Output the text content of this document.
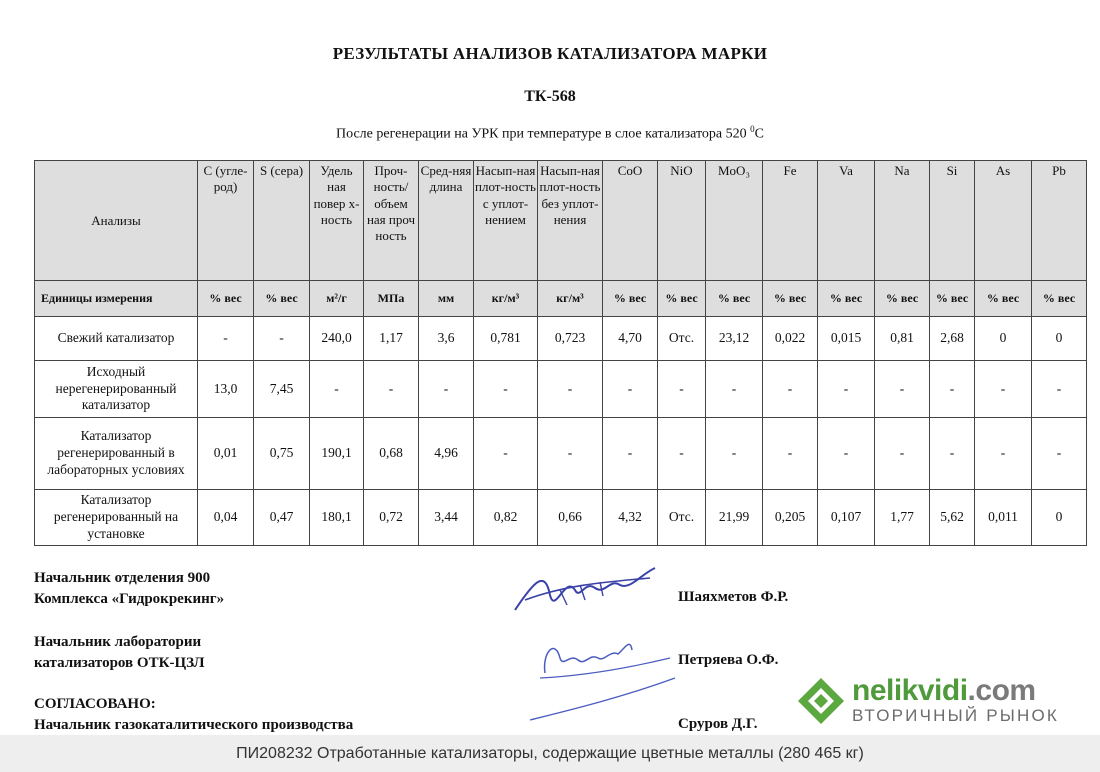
РЕЗУЛЬТАТЫ АНАЛИЗОВ КАТАЛИЗАТОРА МАРКИ
ТК-568
После регенерации на УРК при температуре в слое катализатора 520 $^0$C
Анализы	С (угле-род)	S (сера)	Удель ная повер х-ность	Проч-ность/ объем ная проч ность	Сред-няя длина	Насып-ная плот-ность с уплот-нением	Насып-ная плот-ность без уплот-нения	CoO	NiO	MoO₃	Fe	Va	Na	Si	As	Pb
Единицы измерения	% вес	% вес	м²/г	МПа	мм	кг/м³	кг/м³	% вес	% вес	% вес	% вес	% вес	% вес	% вес	% вес	% вес
Свежий катализатор	-	-	240,0	1,17	3,6	0,781	0,723	4,70	Отс.	23,12	0,022	0,015	0,81	2,68	0	0
Исходный нерегенерированный катализатор	13,0	7,45	-	-	-	-	-	-	-	-	-	-	-	-	-	-
Катализатор регенерированный в лабораторных условиях	0,01	0,75	190,1	0,68	4,96	-	-	-	-	-	-	-	-	-	-	-
Катализатор регенерированный на установке	0,04	0,47	180,1	0,72	3,44	0,82	0,66	4,32	Отс.	21,99	0,205	0,107	1,77	5,62	0,011	0
Начальник отделения 900
Комплекса «Гидрокрекинг»	Шаяхметов Ф.Р.
Начальник лаборатории
катализаторов ОТК-ЦЗЛ	Петряева О.Ф.
СОГЛАСОВАНО:
Начальник газокаталитического производства	Сруров Д.Г.
nelikvidi.com
ВТОРИЧНЫЙ РЫНОК
ПИ208232 Отработанные катализаторы, содержащие цветные металлы (280 465 кг)
